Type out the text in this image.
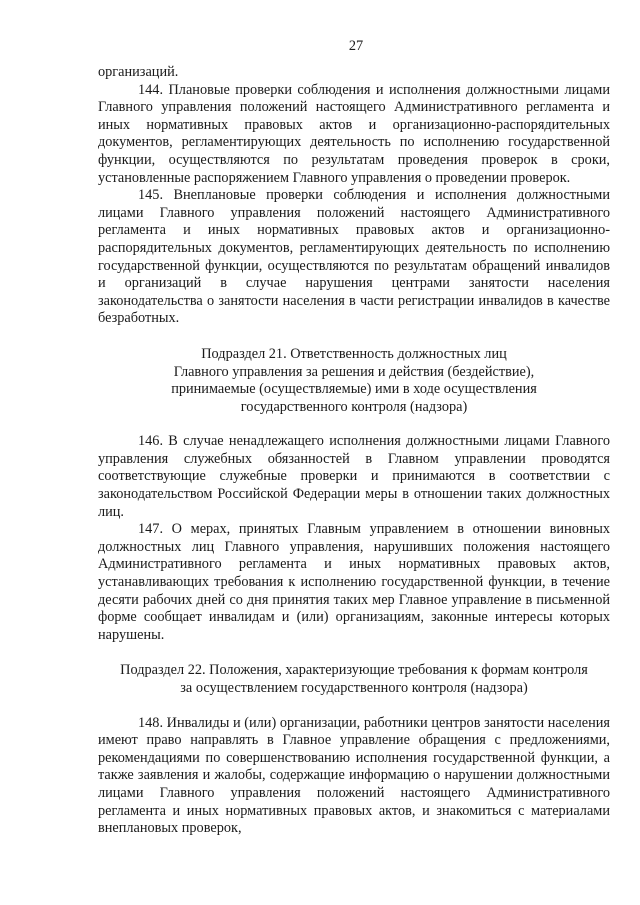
27

организаций.

144. Плановые проверки соблюдения и исполнения должностными лицами Главного управления положений настоящего Административного регламента и иных нормативных правовых актов и организационно-распорядительных документов, регламентирующих деятельность по исполнению государственной функции, осуществляются по результатам проведения проверок в сроки, установленные распоряжением Главного управления о проведении проверок.

145. Внеплановые проверки соблюдения и исполнения должностными лицами Главного управления положений настоящего Административного регламента и иных нормативных правовых актов и организационно-распорядительных документов, регламентирующих деятельность по исполнению государственной функции, осуществляются по результатам обращений инвалидов и организаций в случае нарушения центрами занятости населения законодательства о занятости населения в части регистрации инвалидов в качестве безработных.

Подраздел 21. Ответственность должностных лиц

Главного управления за решения и действия (бездействие),

принимаемые (осуществляемые) ими в ходе осуществления

государственного контроля (надзора)

146. В случае ненадлежащего исполнения должностными лицами Главного управления служебных обязанностей в Главном управлении проводятся соответствующие служебные проверки и принимаются в соответствии с законодательством Российской Федерации меры в отношении таких должностных лиц.

147. О мерах, принятых Главным управлением в отношении виновных должностных лиц Главного управления, нарушивших положения настоящего Административного регламента и иных нормативных правовых актов, устанавливающих требования к исполнению государственной функции, в течение десяти рабочих дней со дня принятия таких мер Главное управление в письменной форме сообщает инвалидам и (или) организациям, законные интересы которых нарушены.

Подраздел 22. Положения, характеризующие требования к формам контроля

за осуществлением государственного контроля (надзора)

148. Инвалиды и (или) организации, работники центров занятости населения имеют право направлять в Главное управление обращения с предложениями, рекомендациями по совершенствованию исполнения государственной функции, а также заявления и жалобы, содержащие информацию о нарушении должностными лицами Главного управления положений настоящего Административного регламента и иных нормативных правовых актов, и знакомиться с материалами внеплановых проверок,
